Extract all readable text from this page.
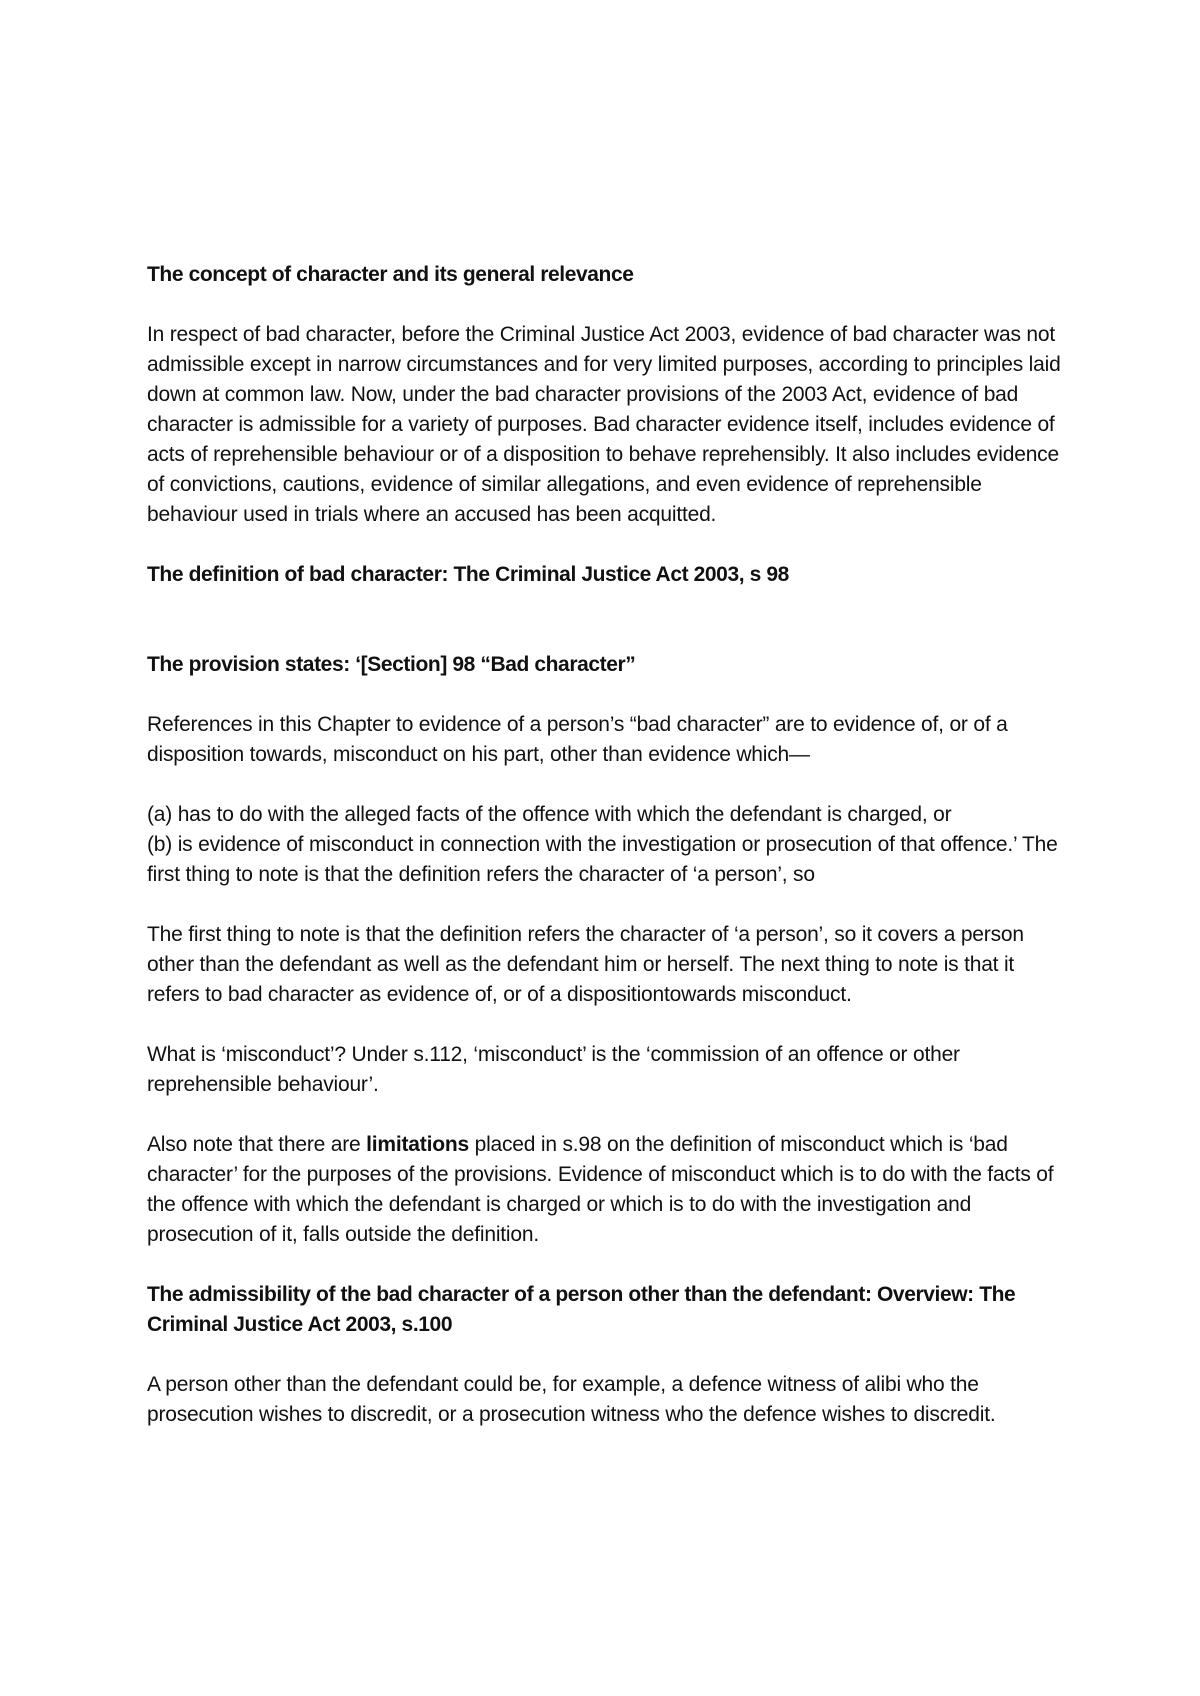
The concept of character and its general relevance

In respect of bad character, before the Criminal Justice Act 2003, evidence of bad character was not admissible except in narrow circumstances and for very limited purposes, according to principles laid down at common law. Now, under the bad character provisions of the 2003 Act, evidence of bad character is admissible for a variety of purposes. Bad character evidence itself, includes evidence of acts of reprehensible behaviour or of a disposition to behave reprehensibly. It also includes evidence of convictions, cautions, evidence of similar allegations, and even evidence of reprehensible behaviour used in trials where an accused has been acquitted.

The definition of bad character: The Criminal Justice Act 2003, s 98
The provision states: ‘[Section] 98 “Bad character”

References in this Chapter to evidence of a person’s “bad character” are to evidence of, or of a disposition towards, misconduct on his part, other than evidence which—

(a) has to do with the alleged facts of the offence with which the defendant is charged, or

(b) is evidence of misconduct in connection with the investigation or prosecution of that offence.’ The first thing to note is that the definition refers the character of ‘a person’, so

The first thing to note is that the definition refers the character of ‘a person’, so it covers a person other than the defendant as well as the defendant him or herself. The next thing to note is that it refers to bad character as evidence of, or of a dispositiontowards misconduct.

What is ‘misconduct’? Under s.112, ‘misconduct’ is the ‘commission of an offence or other reprehensible behaviour’.

Also note that there are limitations placed in s.98 on the definition of misconduct which is ‘bad character’ for the purposes of the provisions. Evidence of misconduct which is to do with the facts of the offence with which the defendant is charged or which is to do with the investigation and prosecution of it, falls outside the definition.

The admissibility of the bad character of a person other than the defendant: Overview: The Criminal Justice Act 2003, s.100

A person other than the defendant could be, for example, a defence witness of alibi who the prosecution wishes to discredit, or a prosecution witness who the defence wishes to discredit.
